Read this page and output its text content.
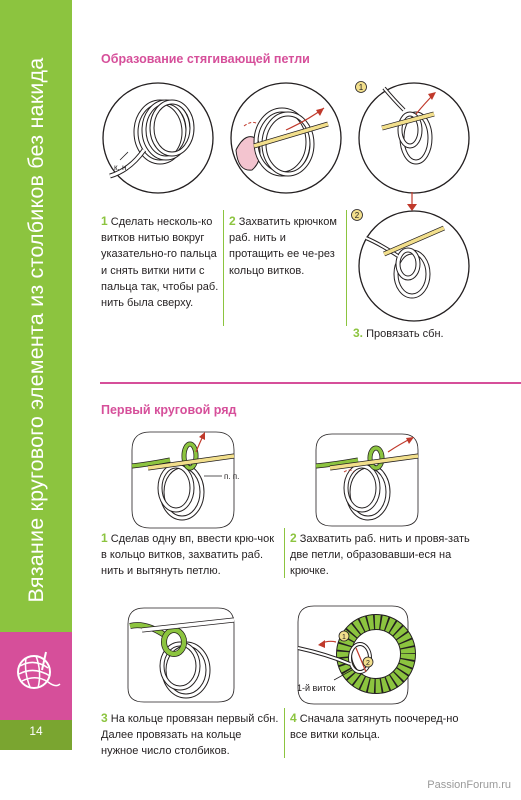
Вязание кругового элемента из столбиков без накида
14
Образование стягивающей петли
к. н.
1
2
1 Сделать несколь-ко витков нитью вокруг указательно-го пальца и снять витки нити с пальца так, чтобы раб. нить была сверху.
2 Захватить крючком раб. нить и протащить ее че-рез кольцо витков.
3. Провязать сбн.
Первый круговой ряд
п. п.
1 Сделав одну вп, ввести крю-чок в кольцо витков, захватить раб. нить и вытянуть петлю.
2 Захватить раб. нить и провя-зать две петли, образовавши-еся на крючке.
1
2
1-й виток
3 На кольце провязан первый сбн. Далее провязать на кольце нужное число столбиков.
4 Сначала затянуть поочеред-но все витки кольца.
PassionForum.ru
